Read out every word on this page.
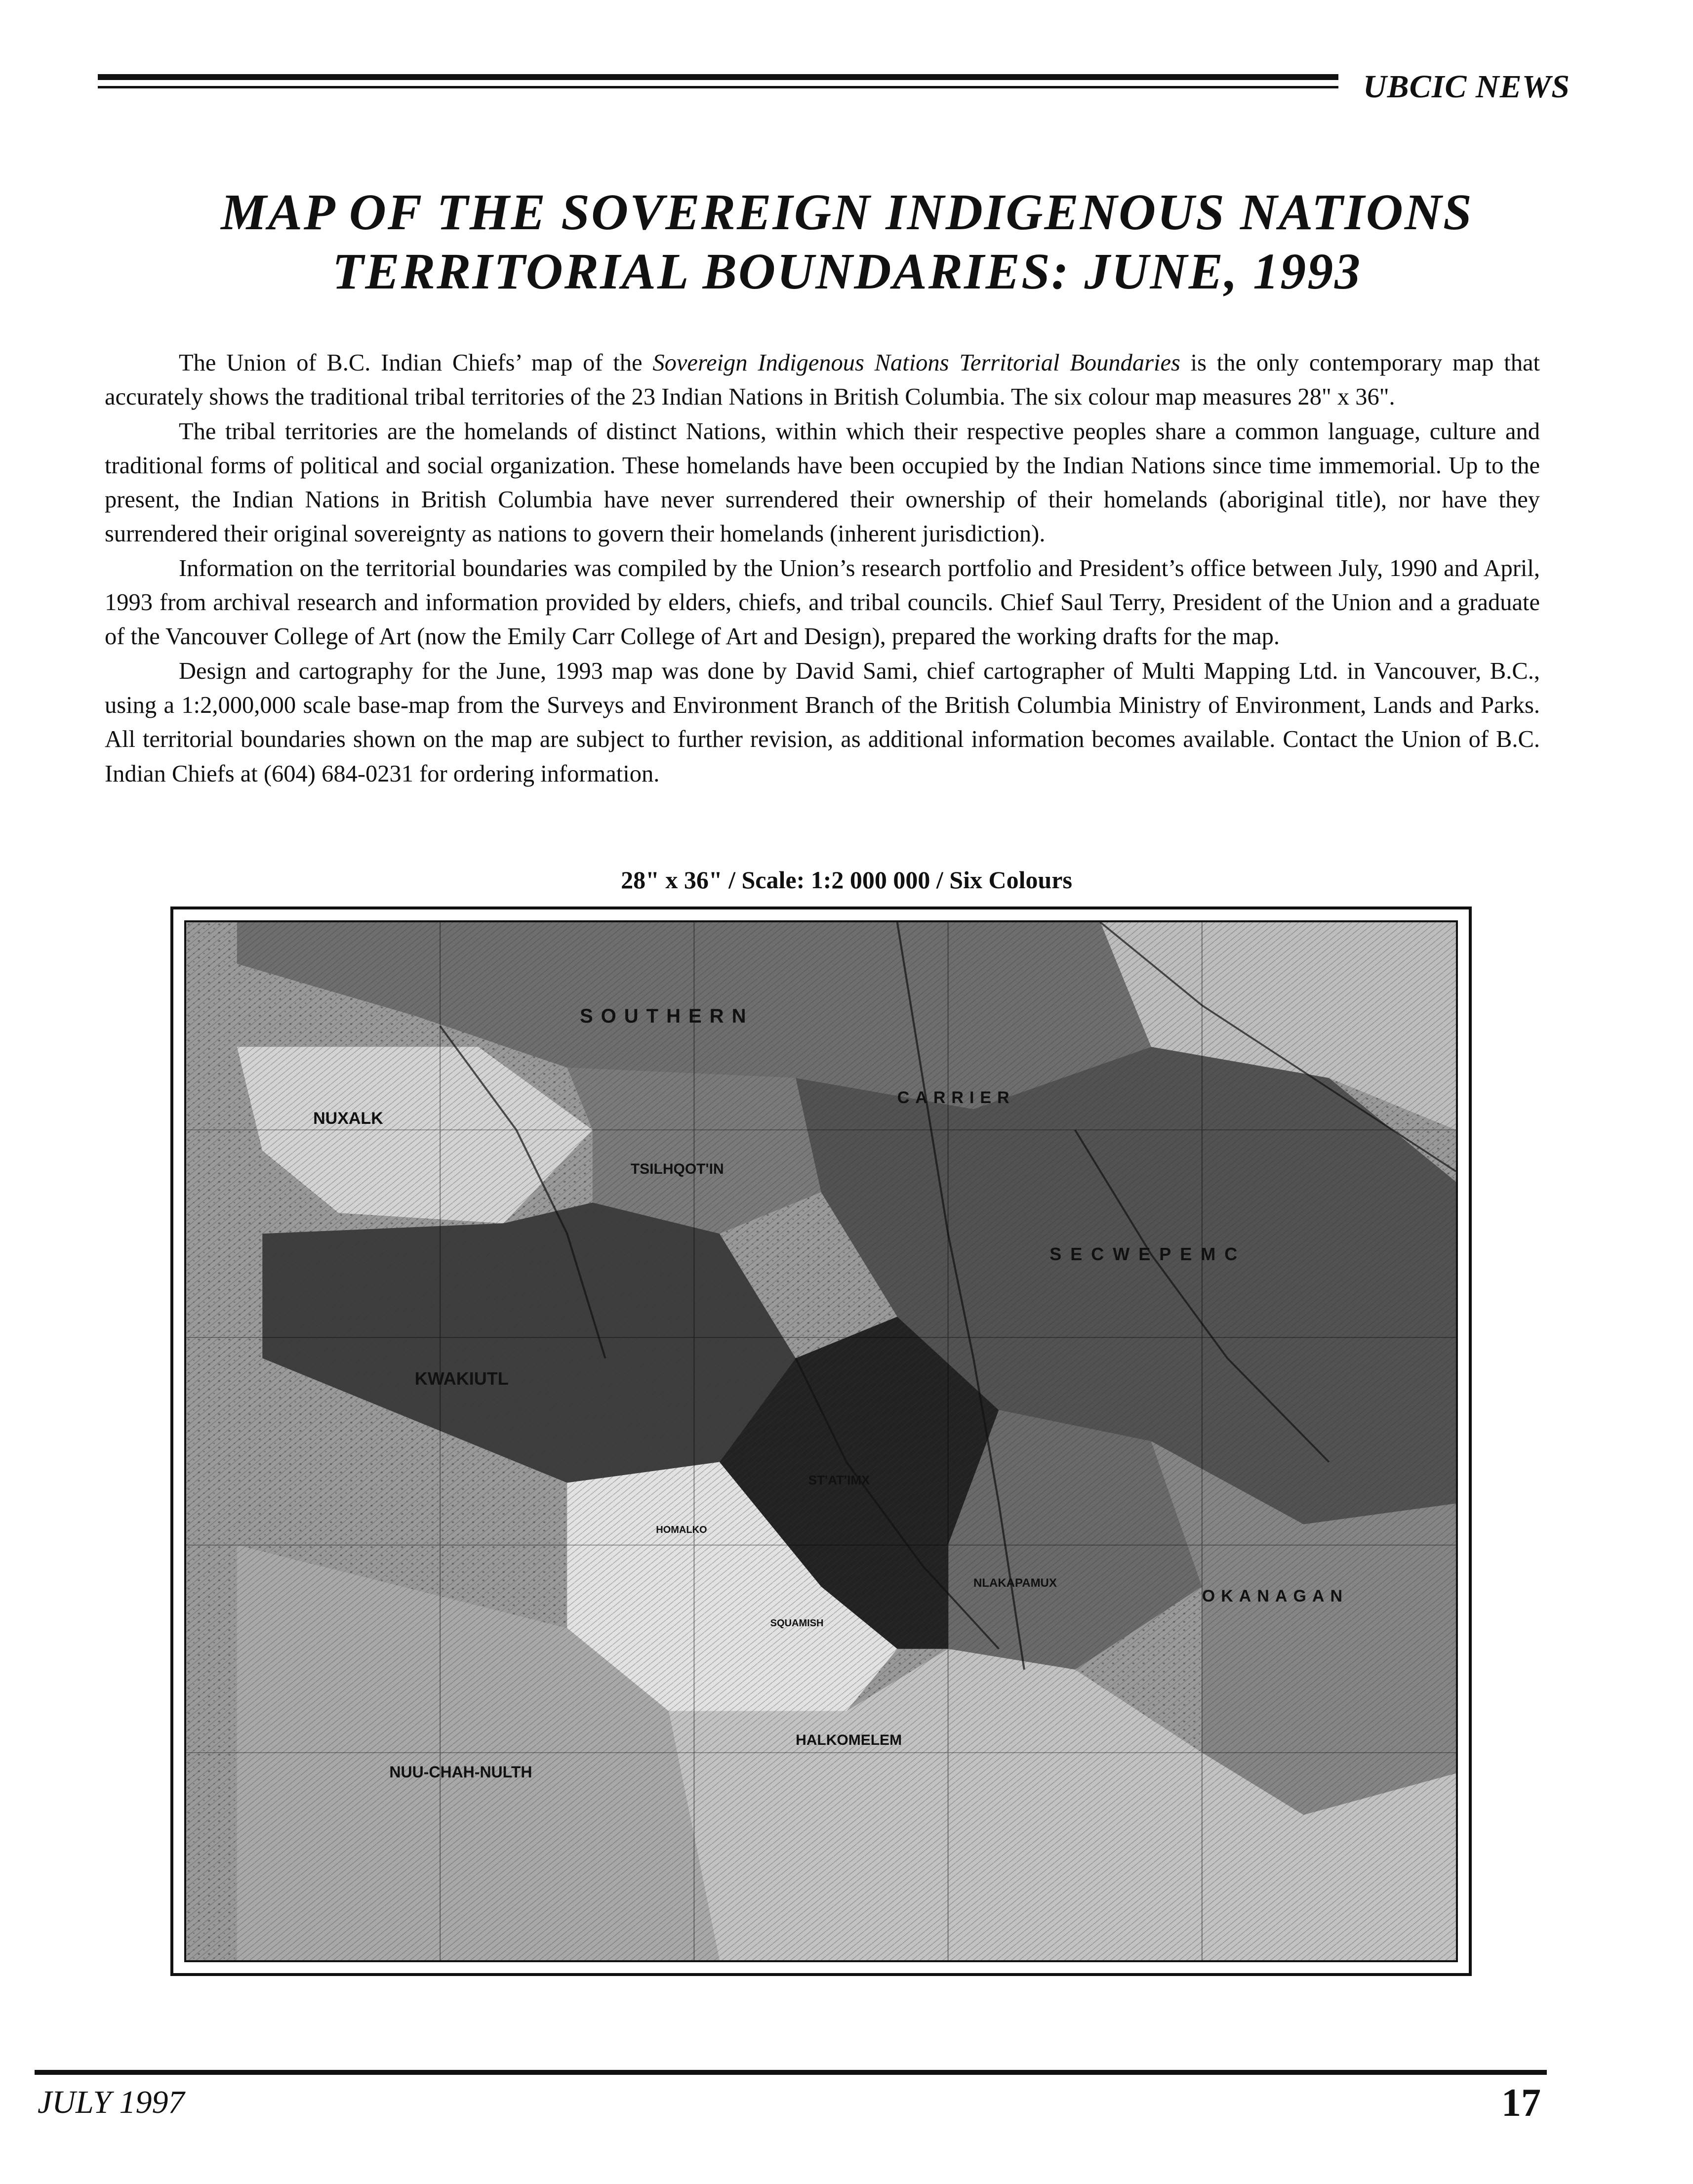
UBCIC NEWS
MAP OF THE SOVEREIGN INDIGENOUS NATIONS
TERRITORIAL BOUNDARIES: JUNE, 1993

The Union of B.C. Indian Chiefs’ map of the Sovereign Indigenous Nations Territorial Boundaries is the only contemporary map that accurately shows the traditional tribal territories of the 23 Indian Nations in British Columbia. The six colour map measures 28" x 36".

The tribal territories are the homelands of distinct Nations, within which their respective peoples share a common language, culture and traditional forms of political and social organization. These homelands have been occupied by the Indian Nations since time immemorial. Up to the present, the Indian Nations in British Columbia have never surrendered their ownership of their homelands (aboriginal title), nor have they surrendered their original sovereignty as nations to govern their homelands (inherent jurisdiction).

Information on the territorial boundaries was compiled by the Union’s research portfolio and President’s office between July, 1990 and April, 1993 from archival research and information provided by elders, chiefs, and tribal councils. Chief Saul Terry, President of the Union and a graduate of the Vancouver College of Art (now the Emily Carr College of Art and Design), prepared the working drafts for the map.

Design and cartography for the June, 1993 map was done by David Sami, chief cartographer of Multi Mapping Ltd. in Vancouver, B.C., using a 1:2,000,000 scale base-map from the Surveys and Environment Branch of the British Columbia Ministry of Environment, Lands and Parks. All territorial boundaries shown on the map are subject to further revision, as additional information becomes available. Contact the Union of B.C. Indian Chiefs at (604) 684-0231 for ordering information.

28" x 36" / Scale: 1:2 000 000 / Six Colours
SOUTHERN
NUXALK
CARRIER
TSILHQOT'IN
SECWEPEMC
KWAKIUTL
ST'AT'IMX
HOMALKO
SQUAMISH
NLAKAPAMUX
OKANAGAN
HALKOMELEM
NUU-CHAH-NULTH
JULY 1997	17
